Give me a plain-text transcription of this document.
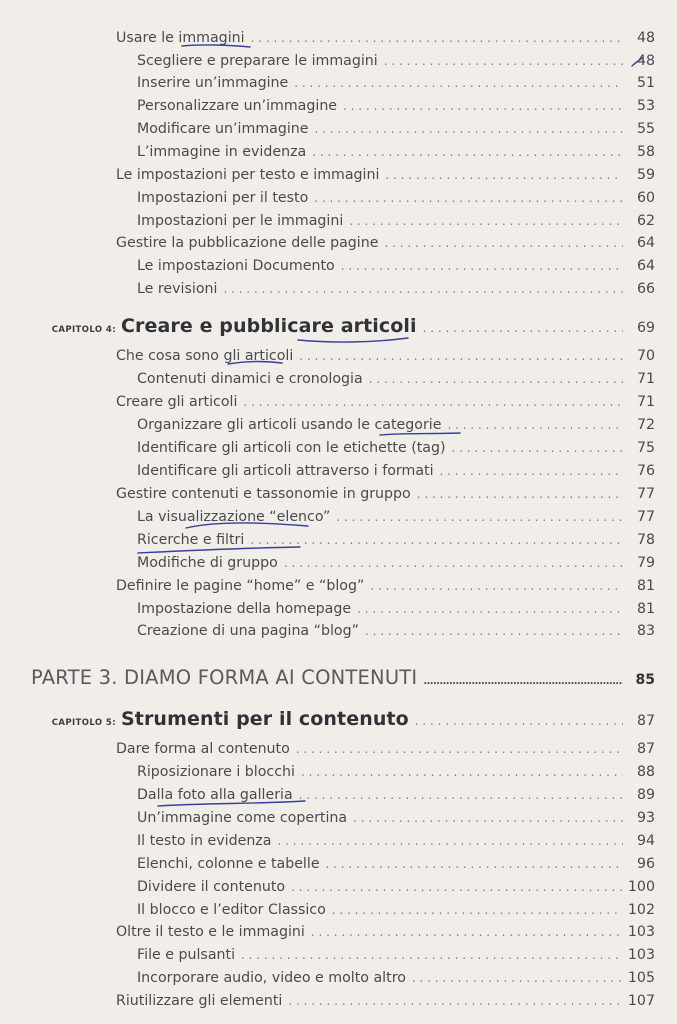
Usare le immagini . . .	48
Scegliere e preparare le immagini . . .	48
Inserire un’immagine . . .	51
Personalizzare un’immagine . . .	53
Modificare un’immagine . . .	55
L’immagine in evidenza . . .	58
Le impostazioni per testo e immagini . . .	59
Impostazioni per il testo . . .	60
Impostazioni per le immagini . . .	62
Gestire la pubblicazione delle pagine . . .	64
Le impostazioni Documento . . .	64
Le revisioni . . .	66
CAPITOLO 4: Creare e pubblicare articoli . . .	69
Che cosa sono gli articoli . . .	70
Contenuti dinamici e cronologia . . .	71
Creare gli articoli . . .	71
Organizzare gli articoli usando le categorie . . .	72
Identificare gli articoli con le etichette (tag) . . .	75
Identificare gli articoli attraverso i formati . . .	76
Gestire contenuti e tassonomie in gruppo . . .	77
La visualizzazione “elenco” . . .	77
Ricerche e filtri . . .	78
Modifiche di gruppo . . .	79
Definire le pagine “home” e “blog” . . .	81
Impostazione della homepage . . .	81
Creazione di una pagina “blog” . . .	83
PARTE 3. DIAMO FORMA AI CONTENUTI .....	85
CAPITOLO 5: Strumenti per il contenuto . . .	87
Dare forma al contenuto . . .	87
Riposizionare i blocchi . . .	88
Dalla foto alla galleria . . .	89
Un’immagine come copertina . . .	93
Il testo in evidenza . . .	94
Elenchi, colonne e tabelle . . .	96
Dividere il contenuto . . .	100
Il blocco e l’editor Classico . . .	102
Oltre il testo e le immagini . . .	103
File e pulsanti . . .	103
Incorporare audio, video e molto altro . . .	105
Riutilizzare gli elementi . . .	107
